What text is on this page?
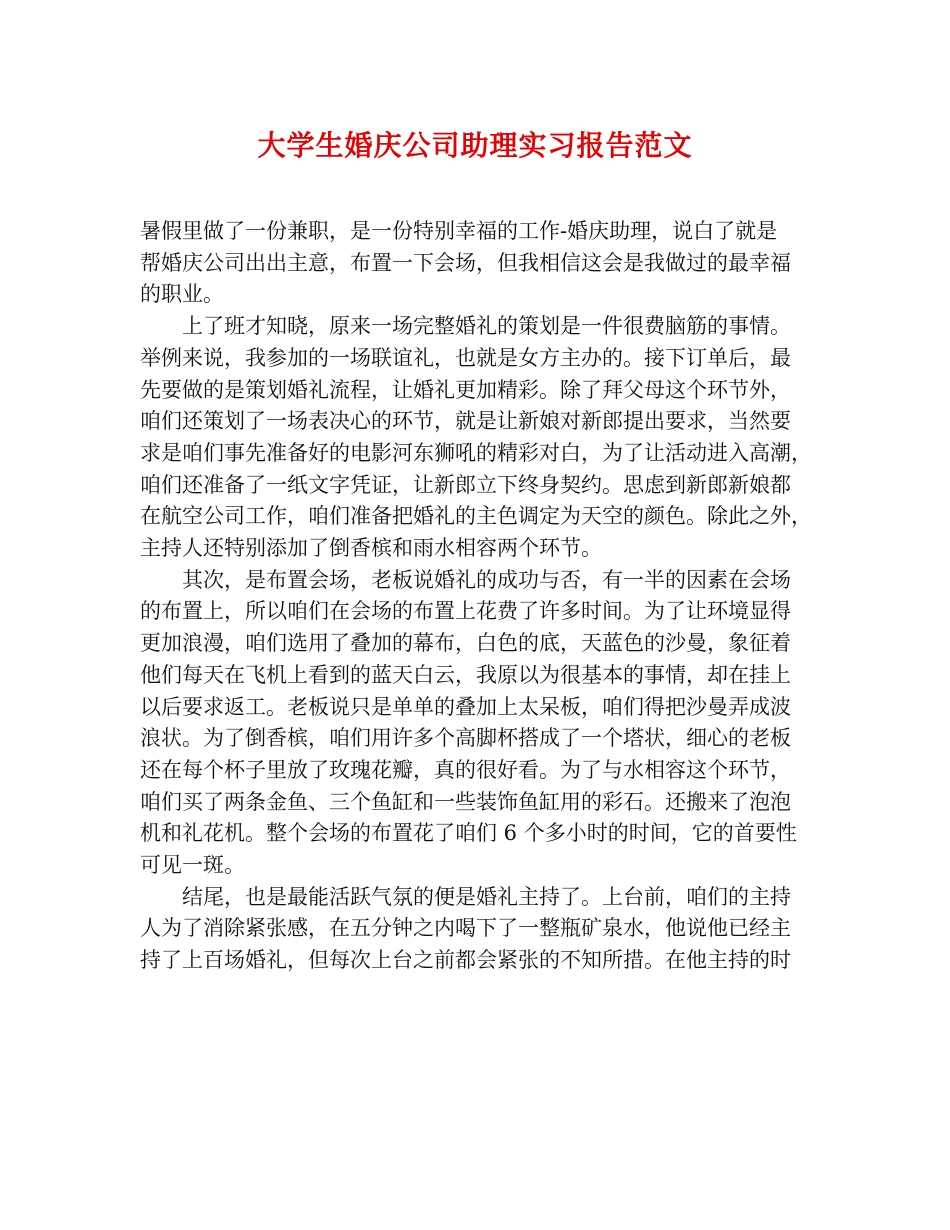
大学生婚庆公司助理实习报告范文

暑假里做了一份兼职，是一份特别幸福的工作-婚庆助理，说白了就是
帮婚庆公司出出主意，布置一下会场，但我相信这会是我做过的最幸福
的职业。

上了班才知晓，原来一场完整婚礼的策划是一件很费脑筋的事情。

举例来说，我参加的一场联谊礼，也就是女方主办的。接下订单后，最
先要做的是策划婚礼流程，让婚礼更加精彩。除了拜父母这个环节外，
咱们还策划了一场表决心的环节，就是让新娘对新郎提出要求，当然要
求是咱们事先准备好的电影河东狮吼的精彩对白，为了让活动进入高潮，
咱们还准备了一纸文字凭证，让新郎立下终身契约。思虑到新郎新娘都
在航空公司工作，咱们准备把婚礼的主色调定为天空的颜色。除此之外，
主持人还特别添加了倒香槟和雨水相容两个环节。

其次，是布置会场，老板说婚礼的成功与否，有一半的因素在会场

的布置上，所以咱们在会场的布置上花费了许多时间。为了让环境显得
更加浪漫，咱们选用了叠加的幕布，白色的底，天蓝色的沙曼，象征着
他们每天在飞机上看到的蓝天白云，我原以为很基本的事情，却在挂上
以后要求返工。老板说只是单单的叠加上太呆板，咱们得把沙曼弄成波
浪状。为了倒香槟，咱们用许多个高脚杯搭成了一个塔状，细心的老板
还在每个杯子里放了玫瑰花瓣，真的很好看。为了与水相容这个环节，
咱们买了两条金鱼、三个鱼缸和一些装饰鱼缸用的彩石。还搬来了泡泡
机和礼花机。整个会场的布置花了咱们 6 个多小时的时间，它的首要性
可见一斑。

结尾，也是最能活跃气氛的便是婚礼主持了。上台前，咱们的主持

人为了消除紧张感，在五分钟之内喝下了一整瓶矿泉水，他说他已经主
持了上百场婚礼，但每次上台之前都会紧张的不知所措。在他主持的时
